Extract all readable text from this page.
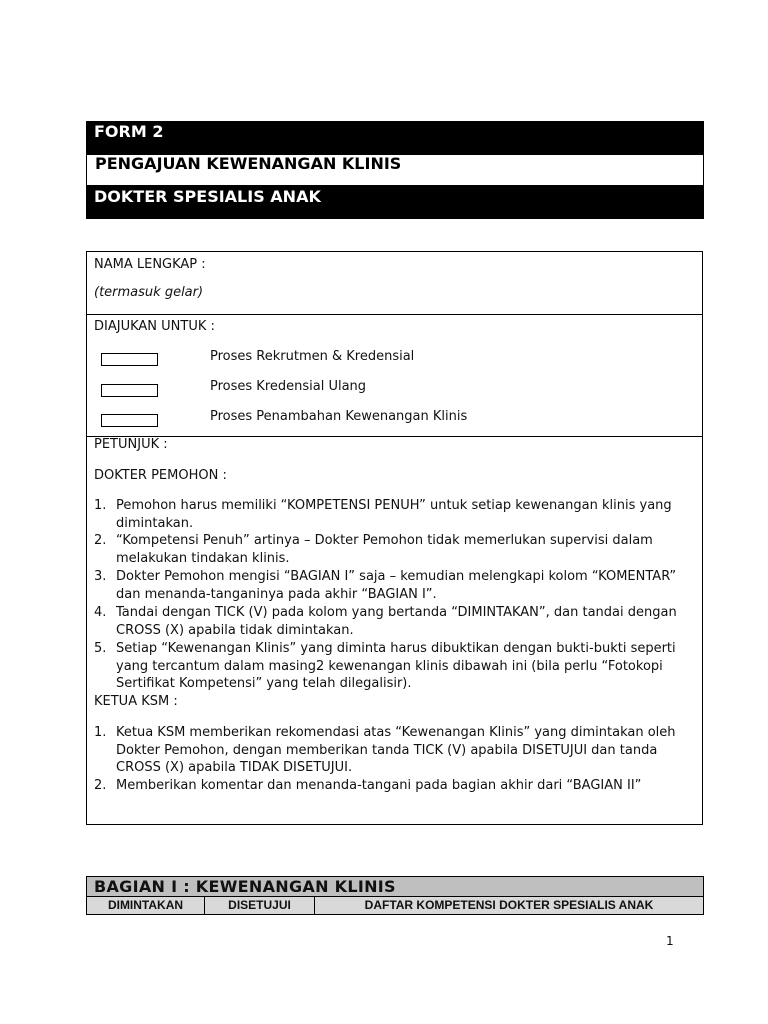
FORM 2
PENGAJUAN KEWENANGAN KLINIS
DOKTER SPESIALIS ANAK
NAMA LENGKAP :
(termasuk gelar)
DIAJUKAN UNTUK :
Proses Rekrutmen & Kredensial
Proses Kredensial Ulang
Proses Penambahan Kewenangan Klinis
PETUNJUK :
DOKTER PEMOHON :
1. Pemohon harus memiliki “KOMPETENSI PENUH” untuk setiap kewenangan klinis yang dimintakan.
2. “Kompetensi Penuh” artinya – Dokter Pemohon tidak memerlukan supervisi dalam melakukan tindakan klinis.
3. Dokter Pemohon mengisi “BAGIAN I” saja – kemudian melengkapi kolom “KOMENTAR” dan menanda-tanganinya pada akhir “BAGIAN I”.
4. Tandai dengan TICK (V) pada kolom yang bertanda “DIMINTAKAN”, dan tandai dengan CROSS (X) apabila tidak dimintakan.
5. Setiap “Kewenangan Klinis” yang diminta harus dibuktikan dengan bukti-bukti seperti yang tercantum dalam masing2 kewenangan klinis dibawah ini (bila perlu “Fotokopi Sertifikat Kompetensi” yang telah dilegalisir).
KETUA KSM :
1. Ketua KSM memberikan rekomendasi atas “Kewenangan Klinis” yang dimintakan oleh Dokter Pemohon, dengan memberikan tanda TICK (V) apabila DISETUJUI dan tanda CROSS (X) apabila TIDAK DISETUJUI.
2. Memberikan komentar dan menanda-tangani pada bagian akhir dari “BAGIAN II”
BAGIAN I : KEWENANGAN KLINIS
DIMINTAKAN	DISETUJUI	DAFTAR KOMPETENSI DOKTER SPESIALIS ANAK
1
